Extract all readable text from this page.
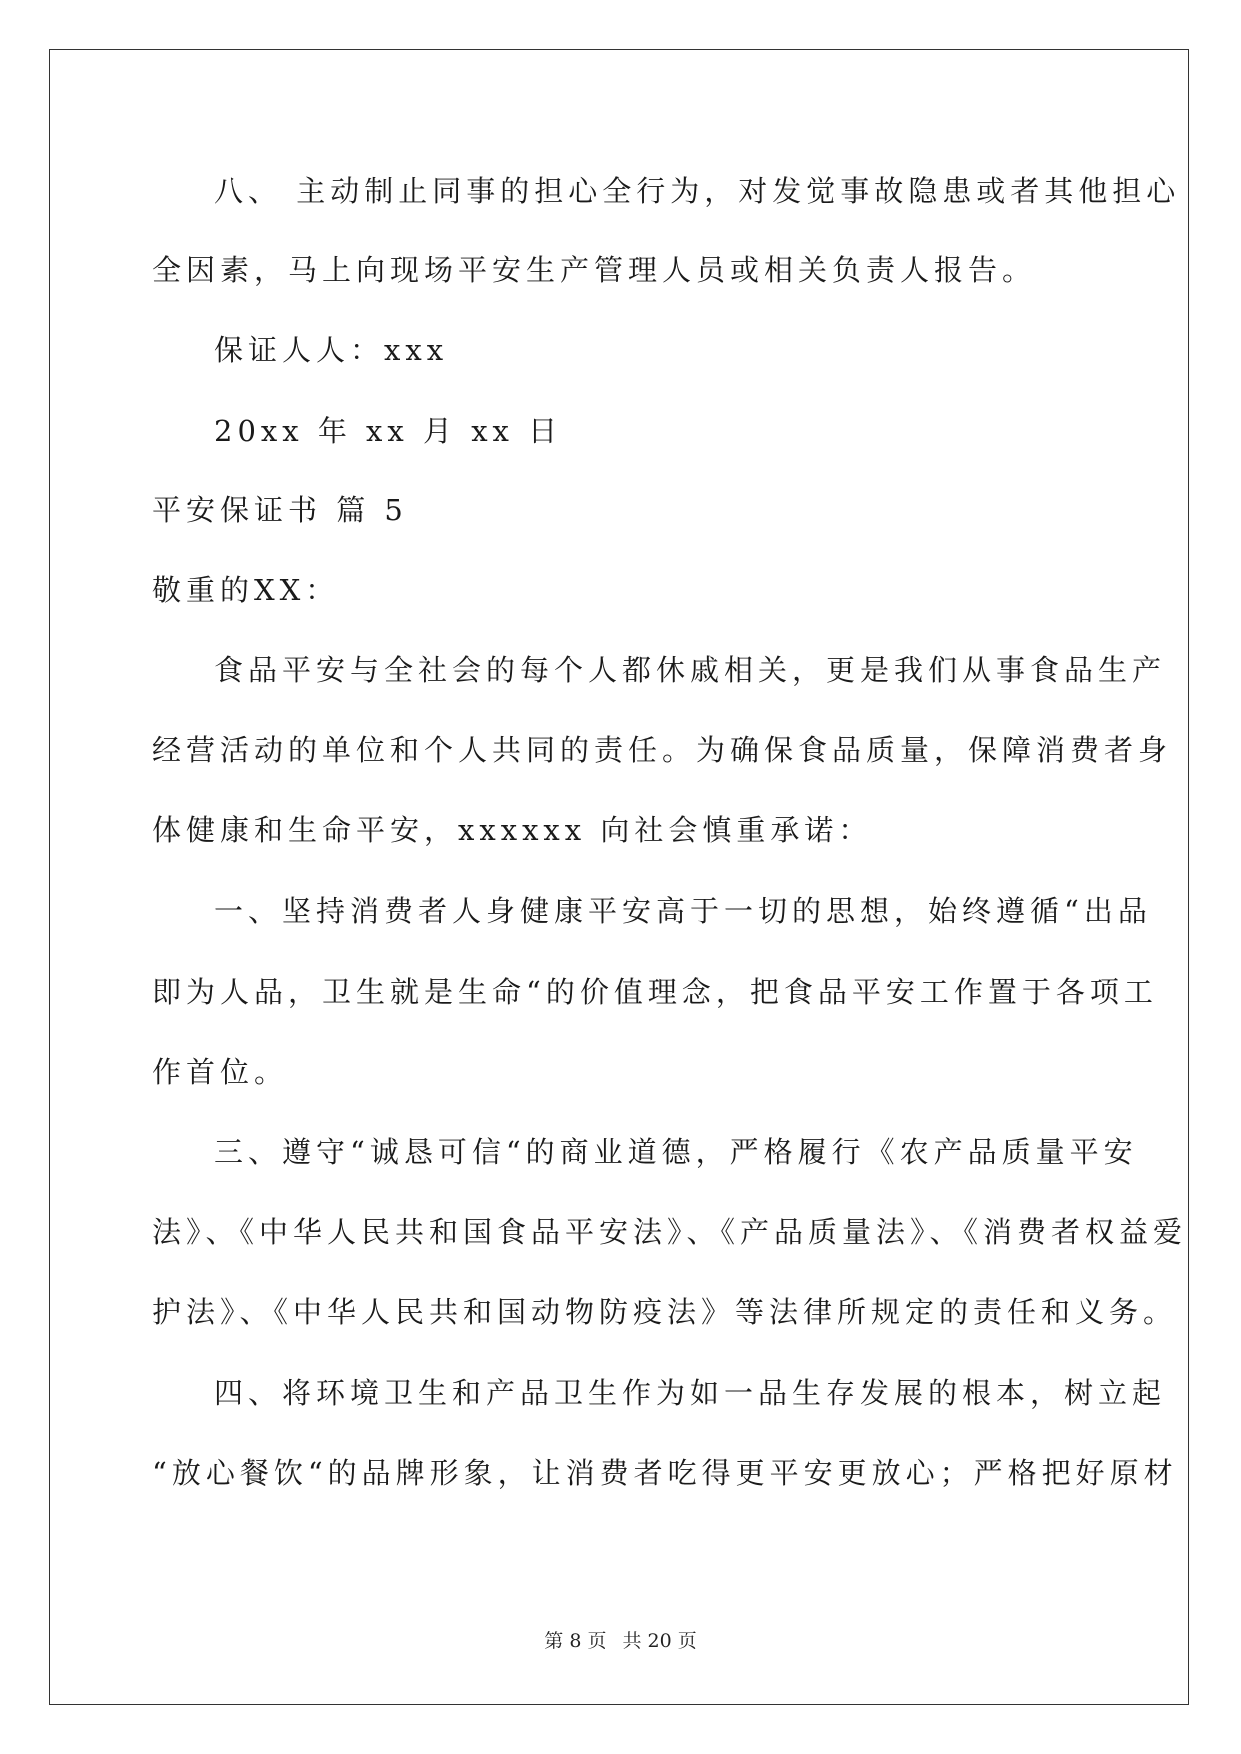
八、 主动制止同事的担心全行为，对发觉事故隐患或者其他担心
全因素，马上向现场平安生产管理人员或相关负责人报告。
保证人人：xxx
20xx 年 xx 月 xx 日
平安保证书 篇 5
敬重的XX：
食品平安与全社会的每个人都休戚相关，更是我们从事食品生产
经营活动的单位和个人共同的责任。为确保食品质量，保障消费者身
体健康和生命平安，xxxxxx 向社会慎重承诺：
一、坚持消费者人身健康平安高于一切的思想，始终遵循“出品
即为人品，卫生就是生命“的价值理念，把食品平安工作置于各项工
作首位。
三、遵守“诚恳可信“的商业道德，严格履行《农产品质量平安
法》、《中华人民共和国食品平安法》、《产品质量法》、《消费者权益爱
护法》、《中华人民共和国动物防疫法》等法律所规定的责任和义务。
四、将环境卫生和产品卫生作为如一品生存发展的根本，树立起
“放心餐饮“的品牌形象，让消费者吃得更平安更放心；严格把好原材
第 8 页 共 20 页
